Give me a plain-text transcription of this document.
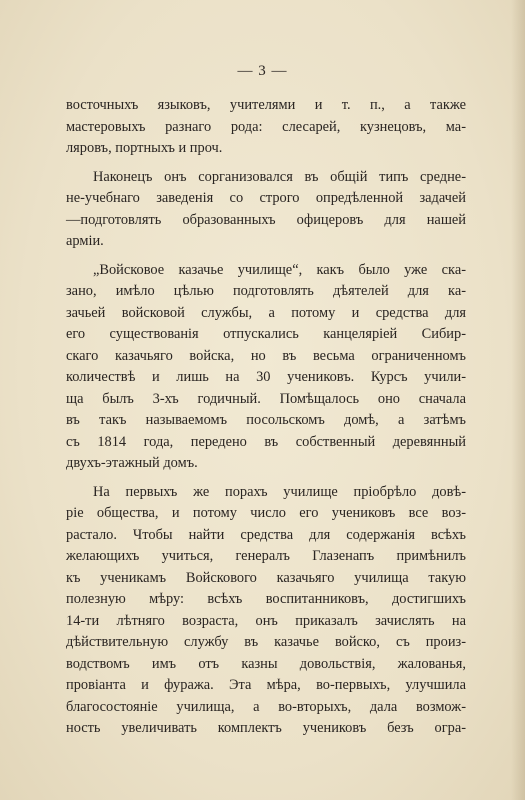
— 3 —
восточныхъ языковъ, учителями и т. п., а также
мастеровыхъ разнаго рода: слесарей, кузнецовъ, ма-
ляровъ, портныхъ и проч.
Наконецъ онъ сорганизовался въ общій типъ средне-
не-учебнаго заведенія со строго опредѣленной задачей
—подготовлять образованныхъ офицеровъ для нашей
арміи.
„Войсковое казачье училище“, какъ было уже ска-
зано, имѣло цѣлью подготовлять дѣятелей для ка-
зачьей войсковой службы, а потому и средства для
его существованія отпускались канцеляріей Сибир-
скаго казачьяго войска, но въ весьма ограниченномъ
количествѣ и лишь на 30 учениковъ. Курсъ учили-
ща былъ 3-хъ годичный. Помѣщалось оно сначала
въ такъ называемомъ посольскомъ домѣ, а затѣмъ
съ 1814 года, передено въ собственный деревянный
двухъ-этажный домъ.
На первыхъ же порахъ училище пріобрѣло довѣ-
ріе общества, и потому число его учениковъ все воз-
растало. Чтобы найти средства для содержанія всѣхъ
желающихъ учиться, генералъ Глазенапъ примѣнилъ
къ ученикамъ Войскового казачьяго училища такую
полезную мѣру: всѣхъ воспитанниковъ, достигшихъ
14-ти лѣтняго возраста, онъ приказалъ зачислять на
дѣйствительную службу въ казачье войско, съ произ-
водствомъ имъ отъ казны довольствія, жалованья,
провіанта и фуража. Эта мѣра, во-первыхъ, улучшила
благосостояніе училища, а во-вторыхъ, дала возмож-
ность увеличивать комплектъ учениковъ безъ огра-
